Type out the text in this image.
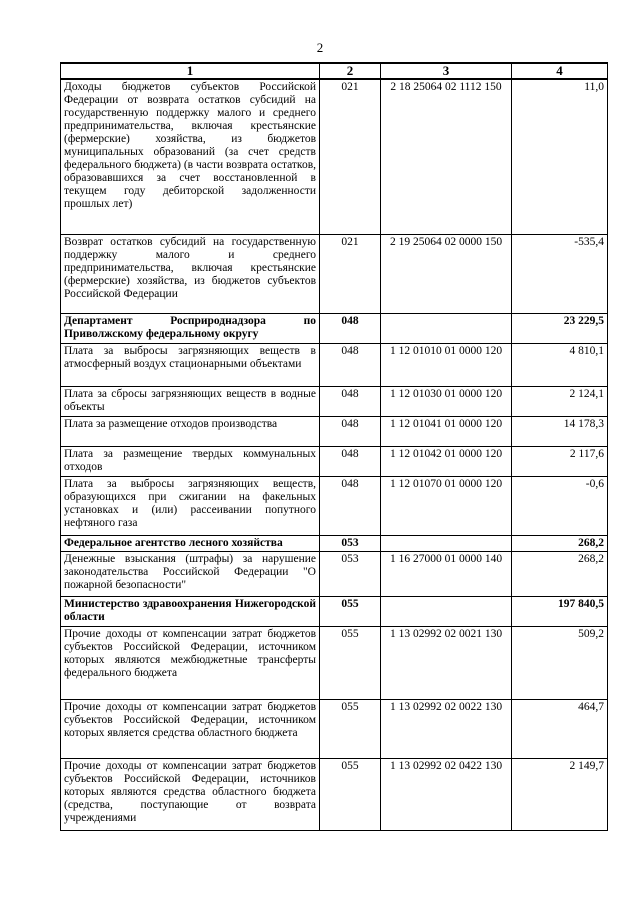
2
1	2	3	4
Доходы бюджетов субъектов Российской Федерации от возврата остатков субсидий на государственную поддержку малого и среднего предпринимательства, включая крестьянские (фермерские) хозяйства, из бюджетов муниципальных образований (за счет средств федерального бюджета) (в части возврата остатков, образовавшихся за счет восстановленной в текущем году дебиторской задолженности прошлых лет)	021	2 18 25064 02 1112 150	11,0
Возврат остатков субсидий на государственную поддержку малого и среднего предпринимательства, включая крестьянские (фермерские) хозяйства, из бюджетов субъектов Российской Федерации	021	2 19 25064 02 0000 150	-535,4
Департамент Росприроднадзора по Приволжскому федеральному округу	048		23 229,5
Плата за выбросы загрязняющих веществ в атмосферный воздух стационарными объектами	048	1 12 01010 01 0000 120	4 810,1
Плата за сбросы загрязняющих веществ в водные объекты	048	1 12 01030 01 0000 120	2 124,1
Плата за размещение отходов производства	048	1 12 01041 01 0000 120	14 178,3
Плата за размещение твердых коммунальных отходов	048	1 12 01042 01 0000 120	2 117,6
Плата за выбросы загрязняющих веществ, образующихся при сжигании на факельных установках и (или) рассеивании попутного нефтяного газа	048	1 12 01070 01 0000 120	-0,6
Федеральное агентство лесного хозяйства	053		268,2
Денежные взыскания (штрафы) за нарушение законодательства Российской Федерации "О пожарной безопасности"	053	1 16 27000 01 0000 140	268,2
Министерство здравоохранения Нижегородской области	055		197 840,5
Прочие доходы от компенсации затрат бюджетов субъектов Российской Федерации, источником которых являются межбюджетные трансферты федерального бюджета	055	1 13 02992 02 0021 130	509,2
Прочие доходы от компенсации затрат бюджетов субъектов Российской Федерации, источником которых является средства областного бюджета	055	1 13 02992 02 0022 130	464,7
Прочие доходы от компенсации затрат бюджетов субъектов Российской Федерации, источников которых являются средства областного бюджета (средства, поступающие от возврата учреждениями	055	1 13 02992 02 0422 130	2 149,7
